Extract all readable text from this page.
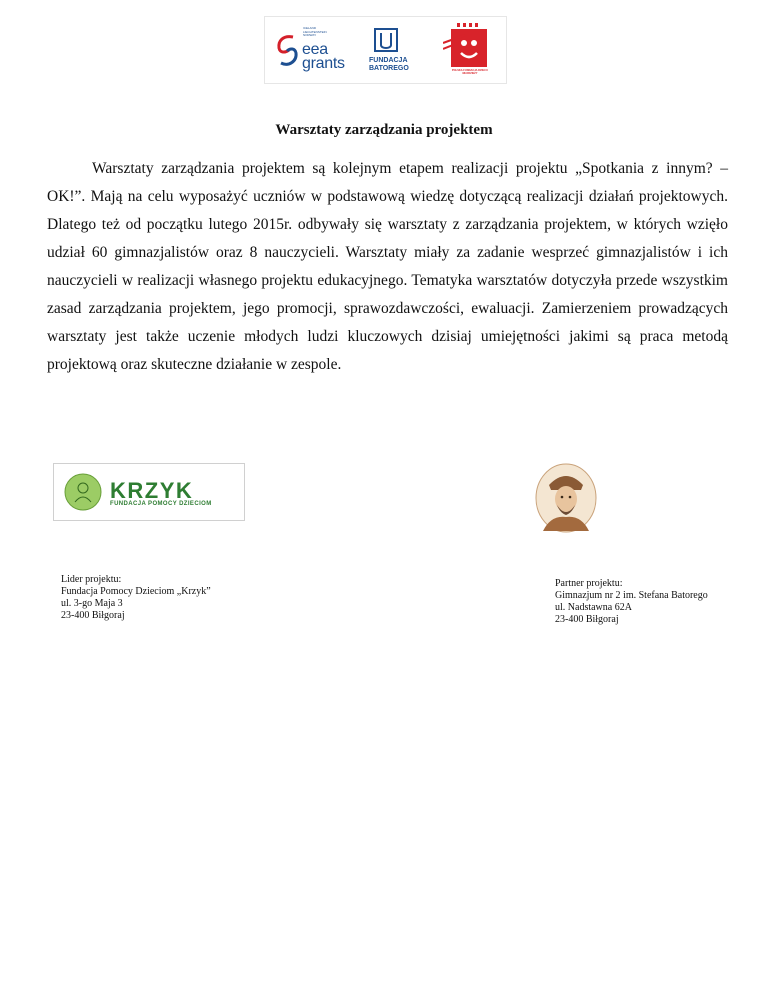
ICELAND
LIECHTENSTEIN
NORWAY
eea
grants	FUNDACJA
BATOREGO	POLSKA FUNDACJA DZIECI I MŁODZIEŻY
Warsztaty zarządzania projektem

Warsztaty zarządzania projektem są kolejnym etapem realizacji projektu „Spotkania z innym? – OK!”. Mają na celu wyposażyć uczniów w podstawową wiedzę dotyczącą realizacji działań projektowych. Dlatego też od początku lutego 2015r. odbywały się warsztaty z zarządzania projektem, w których wzięło udział 60 gimnazjalistów oraz 8 nauczycieli. Warsztaty miały za zadanie wesprzeć gimnazjalistów i ich nauczycieli w realizacji własnego projektu edukacyjnego. Tematyka warsztatów dotyczyła przede wszystkim zasad zarządzania projektem, jego promocji, sprawozdawczości, ewaluacji. Zamierzeniem prowadzących warsztaty jest także uczenie młodych ludzi kluczowych dzisiaj umiejętności jakimi są praca metodą projektową oraz skuteczne działanie w zespole.

KRZYK
FUNDACJA POMOCY DZIECIOM
Lider projektu:
Fundacja Pomocy Dzieciom „Krzyk”
ul. 3-go Maja 3
23-400 Biłgoraj
Partner projektu:
Gimnazjum nr 2 im. Stefana Batorego
ul. Nadstawna 62A
23-400 Biłgoraj
